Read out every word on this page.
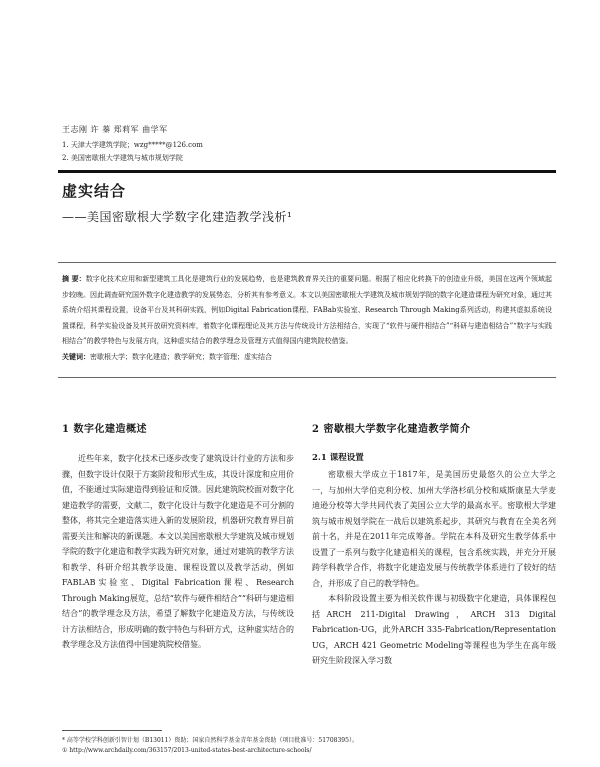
王志刚 许 蓁 郑莉军 曲学军
1. 天津大学建筑学院；wzg*****@126.com
2. 美国密歇根大学建筑与城市规划学院
虚实结合
——美国密歇根大学数字化建造教学浅析¹

摘 要：数字化技术应用和新型建筑工具化是建筑行业的发展趋势，也是建筑教育界关注的重要问题。根据了相应化转换下的创造业升级，美国在这两个领域起步较晚。因此调查研究国外数字化建造教学的发展势态，分析其有参考意义。本文以美国密歇根大学建筑及城市规划学院的数字化建造课程为研究对象，通过其系统介绍其课程设置，设备平台及其科研实践，例如Digital Fabrication课程、FABab实验室、Research Through Making系列活动，构建其虚拟系统设置课程，科学实验设备及其开放研究资料库，着数字化课程理论及其方法与传统设计方法相结合，实现了“软件与硬件相结合”“科研与建造相结合”“数字与实践相结合”的教学特色与发展方向，这种虚实结合的教学理念及管理方式值得国内建筑院校借鉴。

关键词：密歇根大学；数字化建造；教学研究；数字管理；虚实结合
1 数字化建造概述

近些年来，数字化技术已逐步改变了建筑设计行业的方法和步骤，但数字设计仅限于方案阶段和形式生成，其设计深度和应用价值，不能通过实际建造得到验证和反馈。因此建筑院校面对数字化建造教学的需要，文献二，数字化设计与数字化建造是不可分割的整体，将其完全建造落实进入新的发展阶段，机器研究教育界目前需要关注和解决的新课题。本文以美国密歇根大学建筑及城市规划学院的数字化建造和教学实践为研究对象，通过对建筑的教学方法和教学、科研介绍其教学设施、课程设置以及教学活动，例如FABLAB实验室、Digital Fabrication课程、Research Through Making展览，总结“软件与硬件相结合”“科研与建造相结合”的教学理念及方法，希望了解数字化建造及方法，与传统设计方法相结合，形成明确的数字特色与科研方式，这种虚实结合的教学理念及方法值得中国建筑院校借鉴。

2 密歇根大学数字化建造教学简介
2.1 课程设置

密歇根大学成立于1817年，是美国历史最悠久的公立大学之一，与加州大学伯克利分校、加州大学洛杉矶分校和威斯康星大学麦迪逊分校等大学共同代表了美国公立大学的最高水平。密歇根大学建筑与城市规划学院在一战后以建筑系起步，其研究与教育在全美名列前十名，并是在2011年完成筹备。学院在本科及研究生教学体系中设置了一系列与数字化建造相关的课程，包含系统实践，并充分开展跨学科教学合作，将数字化建造发展与传统教学体系进行了较好的结合，并形成了自己的教学特色。

本科阶段设置主要为相关软件课与初级数字化建造，具体课程包括ARCH 211-Digital Drawing，ARCH 313 Digital Fabrication-UG，此外ARCH 335-Fabrication/Representation UG，ARCH 421 Geometric Modeling等课程也为学生在高年级研究生阶段深入学习数

* 高等学校学科创新引智计划（B13011）资助；国家自然科学基金青年基金资助（项目批准号：51708395）。
① http://www.archdaily.com/363157/2013-united-states-best-architecture-schools/
